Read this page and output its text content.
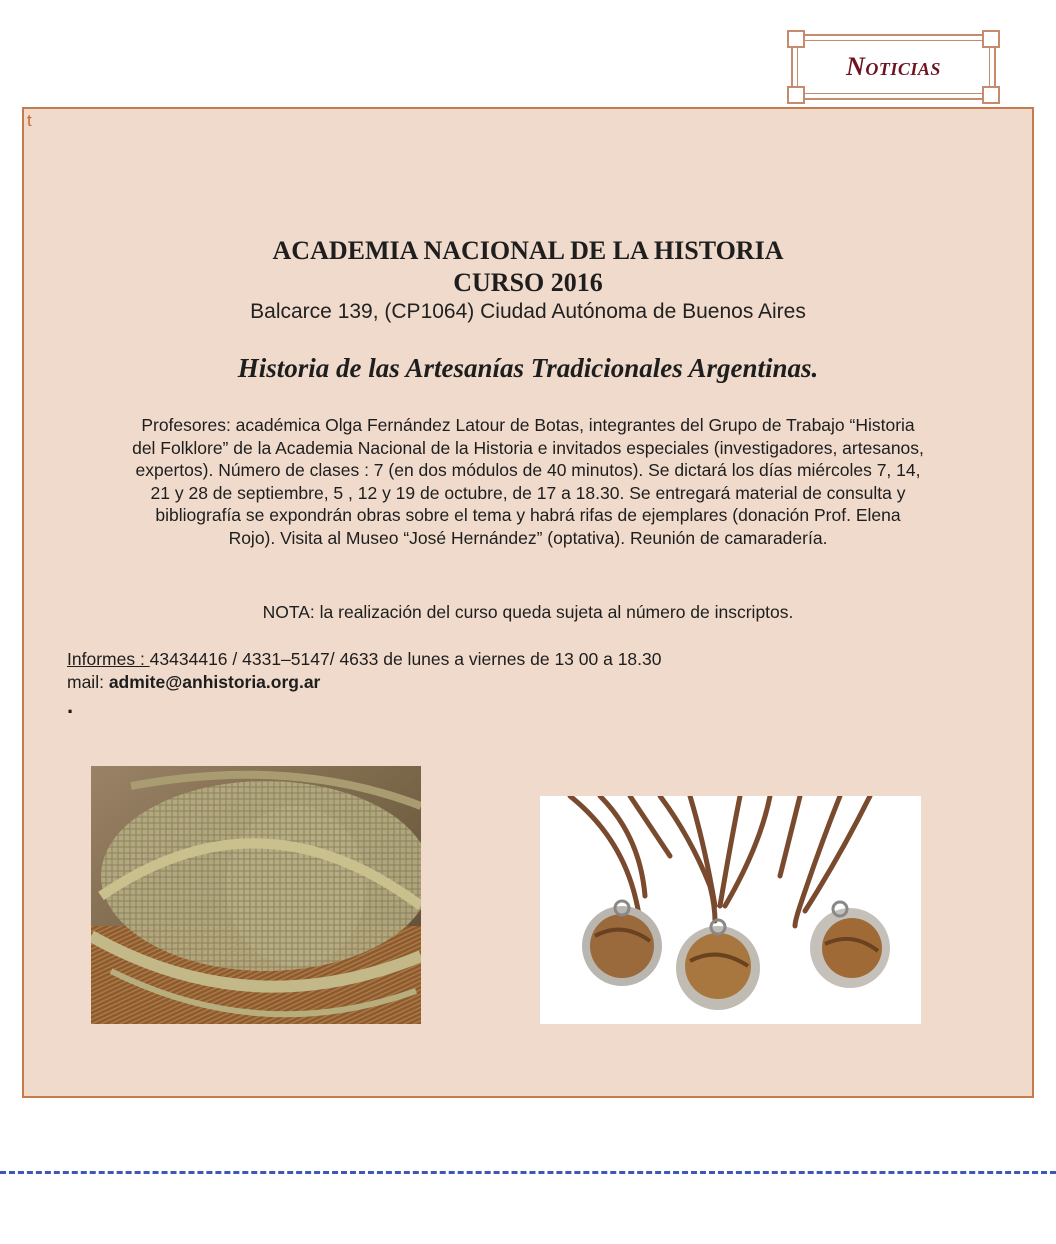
Noticias
t
ACADEMIA NACIONAL DE LA HISTORIA
CURSO 2016
Balcarce 139, (CP1064) Ciudad Autónoma de Buenos Aires
Historia de las Artesanías Tradicionales Argentinas.
Profesores: académica Olga Fernández Latour de Botas, integrantes del Grupo de Trabajo “Historia
del Folklore” de la Academia Nacional de la Historia e invitados especiales (investigadores, artesanos,
expertos). Número de clases : 7 (en dos módulos de 40 minutos). Se dictará los días miércoles 7, 14,
21 y 28 de septiembre, 5 , 12 y 19 de octubre, de 17 a 18.30. Se entregará material de consulta y
bibliografía se expondrán obras sobre el tema y habrá rifas de ejemplares (donación Prof. Elena
Rojo). Visita al Museo “José Hernández” (optativa). Reunión de camaradería.
NOTA: la realización del curso queda sujeta al número de inscriptos.
Informes : 43434416 / 4331–5147/ 4633 de lunes a viernes de 13 00 a 18.30
mail: admite@anhistoria.org.ar
.
